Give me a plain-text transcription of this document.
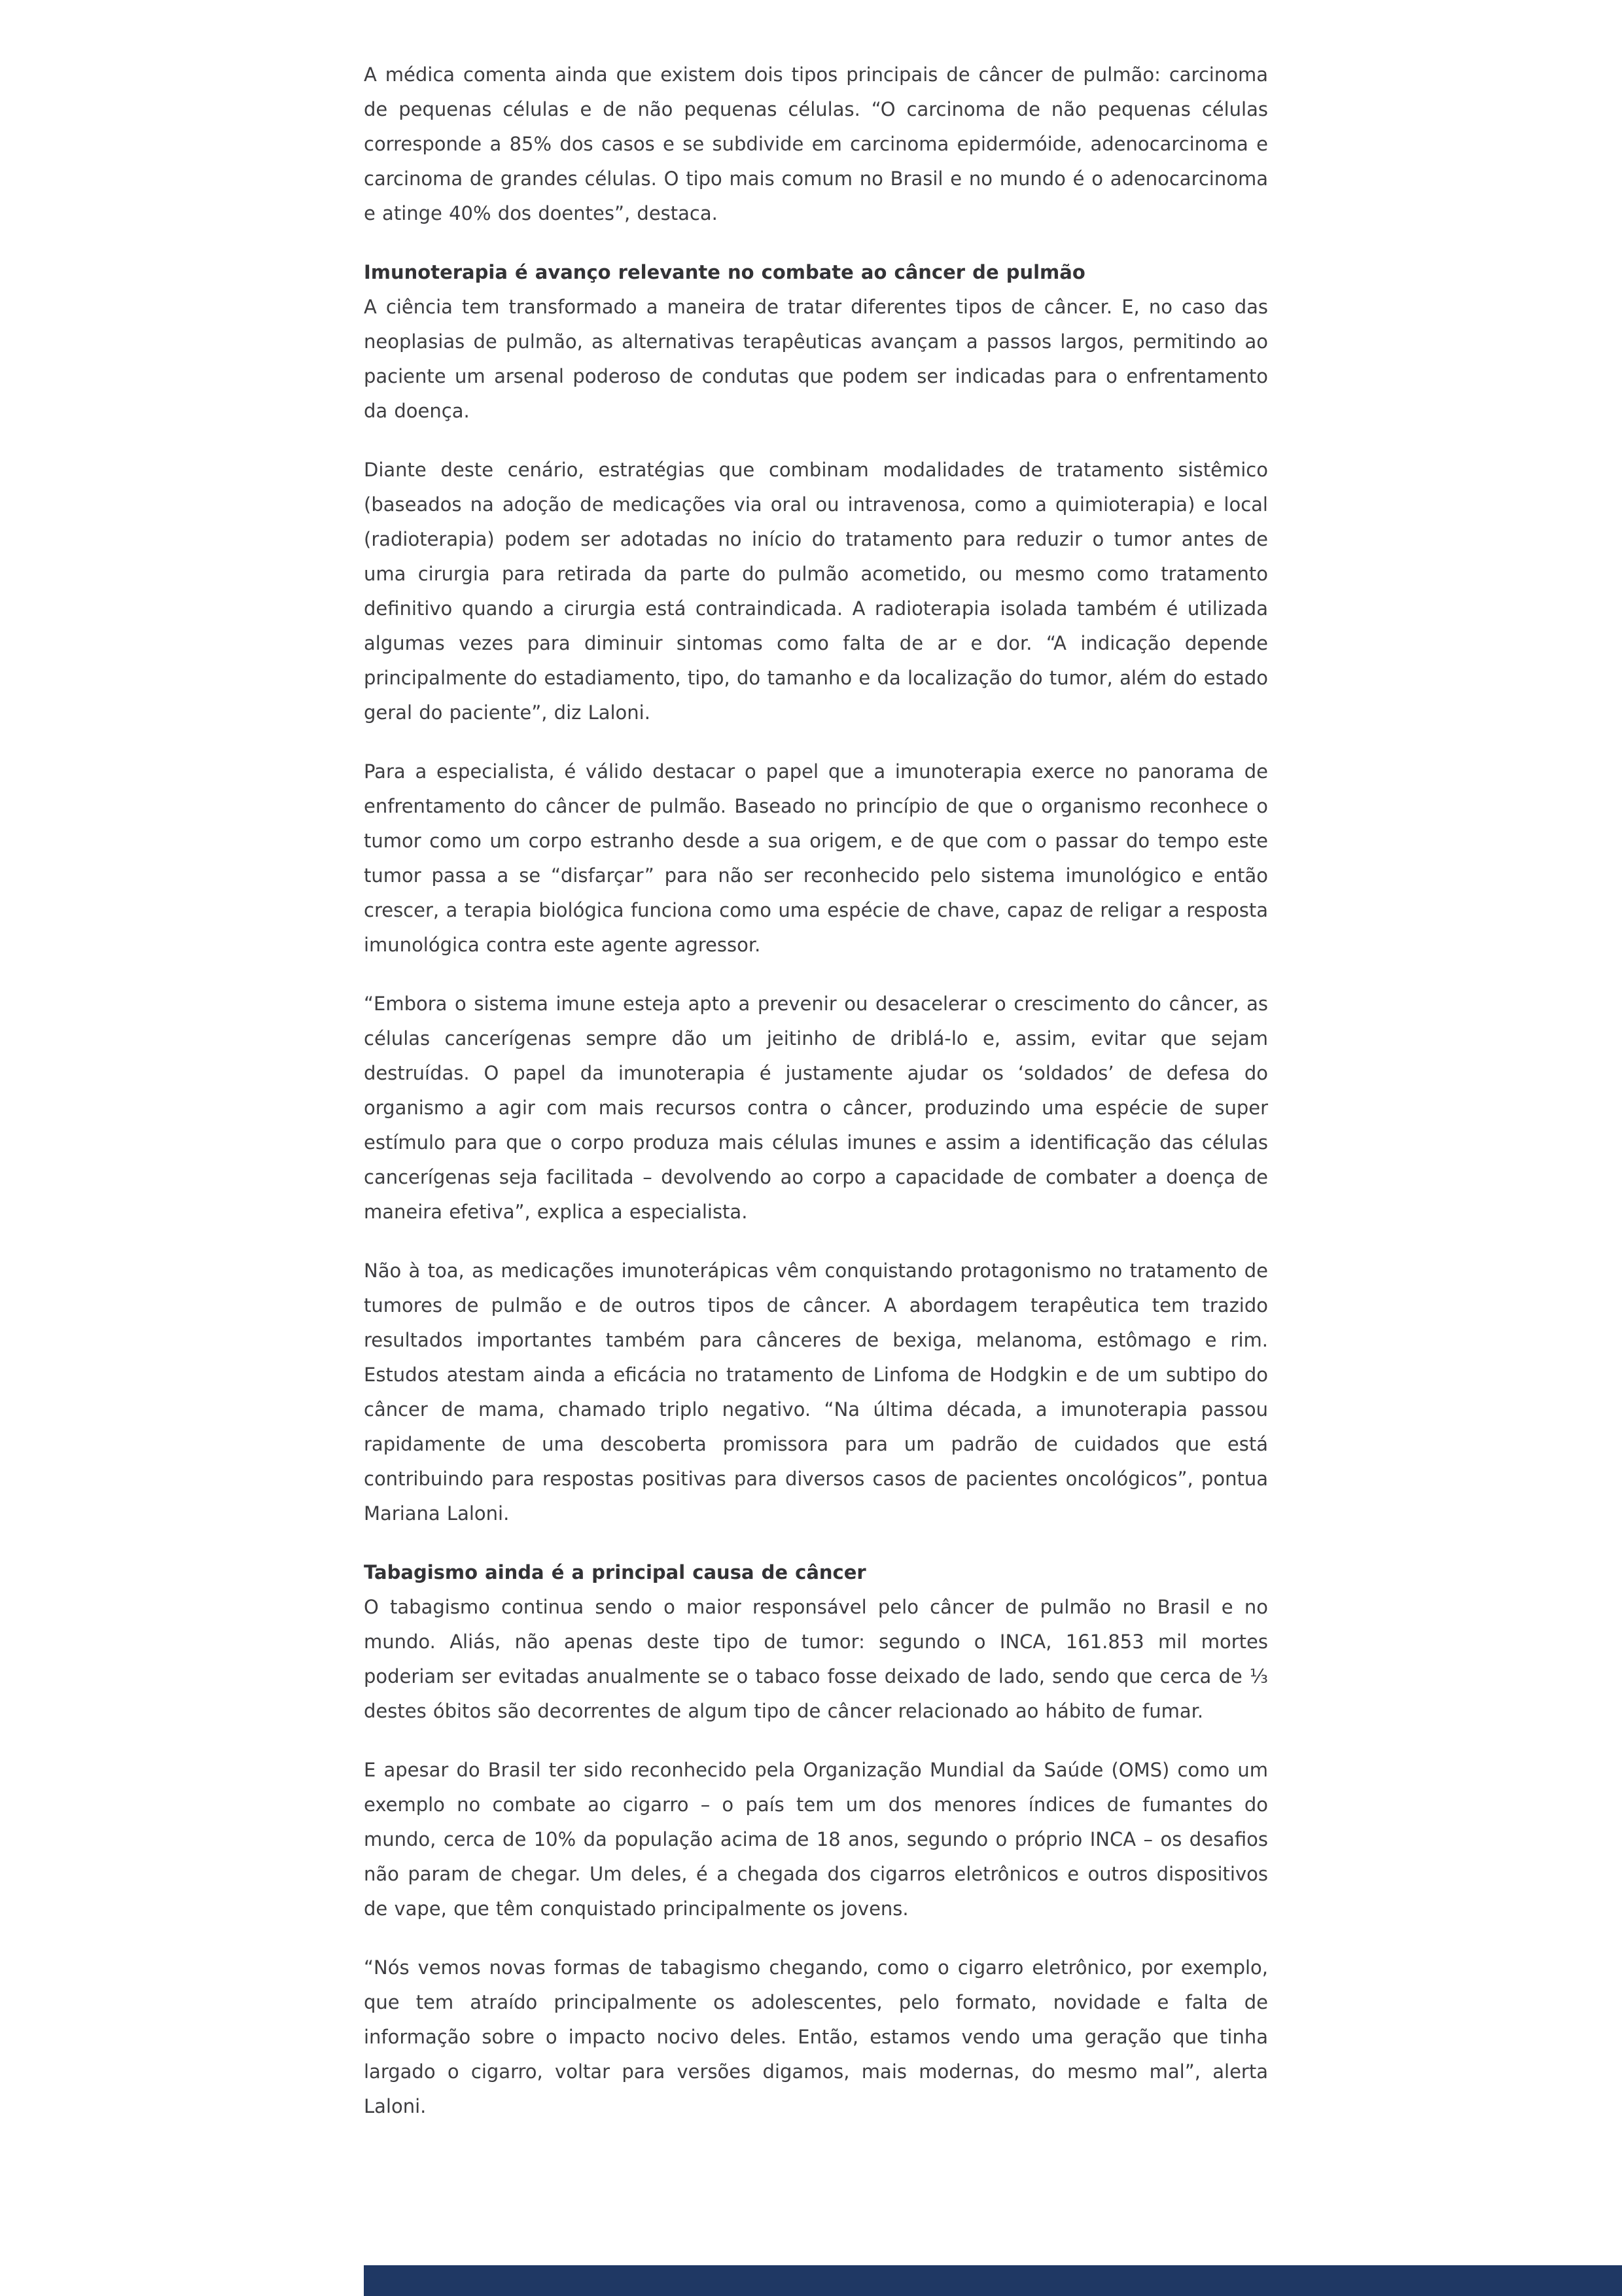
A médica comenta ainda que existem dois tipos principais de câncer de pulmão: carcinoma de pequenas células e de não pequenas células. “O carcinoma de não pequenas células corresponde a 85% dos casos e se subdivide em carcinoma epidermóide, adenocarcinoma e carcinoma de grandes células. O tipo mais comum no Brasil e no mundo é o adenocarcinoma e atinge 40% dos doentes”, destaca.

Imunoterapia é avanço relevante no combate ao câncer de pulmão

A ciência tem transformado a maneira de tratar diferentes tipos de câncer. E, no caso das neoplasias de pulmão, as alternativas terapêuticas avançam a passos largos, permitindo ao paciente um arsenal poderoso de condutas que podem ser indicadas para o enfrentamento da doença.

Diante deste cenário, estratégias que combinam modalidades de tratamento sistêmico (baseados na adoção de medicações via oral ou intravenosa, como a quimioterapia) e local (radioterapia) podem ser adotadas no início do tratamento para reduzir o tumor antes de uma cirurgia para retirada da parte do pulmão acometido, ou mesmo como tratamento definitivo quando a cirurgia está contraindicada. A radioterapia isolada também é utilizada algumas vezes para diminuir sintomas como falta de ar e dor. “A indicação depende principalmente do estadiamento, tipo, do tamanho e da localização do tumor, além do estado geral do paciente”, diz Laloni.

Para a especialista, é válido destacar o papel que a imunoterapia exerce no panorama de enfrentamento do câncer de pulmão. Baseado no princípio de que o organismo reconhece o tumor como um corpo estranho desde a sua origem, e de que com o passar do tempo este tumor passa a se “disfarçar” para não ser reconhecido pelo sistema imunológico e então crescer, a terapia biológica funciona como uma espécie de chave, capaz de religar a resposta imunológica contra este agente agressor.

“Embora o sistema imune esteja apto a prevenir ou desacelerar o crescimento do câncer, as células cancerígenas sempre dão um jeitinho de driblá-lo e, assim, evitar que sejam destruídas. O papel da imunoterapia é justamente ajudar os ‘soldados’ de defesa do organismo a agir com mais recursos contra o câncer, produzindo uma espécie de super estímulo para que o corpo produza mais células imunes e assim a identificação das células cancerígenas seja facilitada – devolvendo ao corpo a capacidade de combater a doença de maneira efetiva”, explica a especialista.

Não à toa, as medicações imunoterápicas vêm conquistando protagonismo no tratamento de tumores de pulmão e de outros tipos de câncer. A abordagem terapêutica tem trazido resultados importantes também para cânceres de bexiga, melanoma, estômago e rim. Estudos atestam ainda a eficácia no tratamento de Linfoma de Hodgkin e de um subtipo do câncer de mama, chamado triplo negativo. “Na última década, a imunoterapia passou rapidamente de uma descoberta promissora para um padrão de cuidados que está contribuindo para respostas positivas para diversos casos de pacientes oncológicos”, pontua Mariana Laloni.

Tabagismo ainda é a principal causa de câncer

O tabagismo continua sendo o maior responsável pelo câncer de pulmão no Brasil e no mundo. Aliás, não apenas deste tipo de tumor: segundo o INCA, 161.853 mil mortes poderiam ser evitadas anualmente se o tabaco fosse deixado de lado, sendo que cerca de ⅓ destes óbitos são decorrentes de algum tipo de câncer relacionado ao hábito de fumar.

E apesar do Brasil ter sido reconhecido pela Organização Mundial da Saúde (OMS) como um exemplo no combate ao cigarro – o país tem um dos menores índices de fumantes do mundo, cerca de 10% da população acima de 18 anos, segundo o próprio INCA – os desafios não param de chegar. Um deles, é a chegada dos cigarros eletrônicos e outros dispositivos de vape, que têm conquistado principalmente os jovens.

“Nós vemos novas formas de tabagismo chegando, como o cigarro eletrônico, por exemplo, que tem atraído principalmente os adolescentes, pelo formato, novidade e falta de informação sobre o impacto nocivo deles. Então, estamos vendo uma geração que tinha largado o cigarro, voltar para versões digamos, mais modernas, do mesmo mal”, alerta Laloni.
